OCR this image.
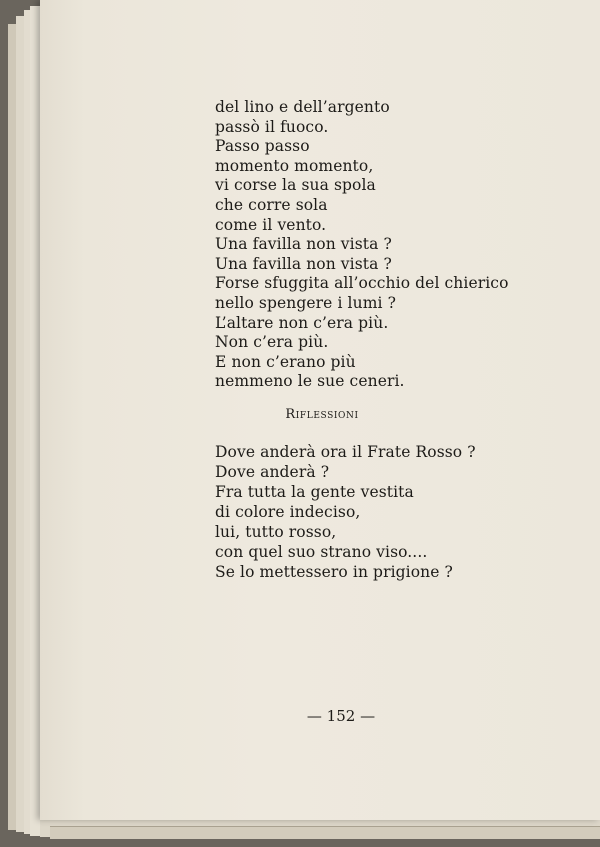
del lino e dell’argento
passò il fuoco.
Passo passo
momento momento,
vi corse la sua spola
che corre sola
come il vento.
Una favilla non vista ?
Una favilla non vista ?
Forse sfuggita all’occhio del chierico
nello spengere i lumi ?
L’altare non c’era più.
Non c’era più.
E non c’erano più
nemmeno le sue ceneri.
Riflessioni
Dove anderà ora il Frate Rosso ?
Dove anderà ?
Fra tutta la gente vestita
di colore indeciso,
lui, tutto rosso,
con quel suo strano viso....
Se lo mettessero in prigione ?
— 152 —
